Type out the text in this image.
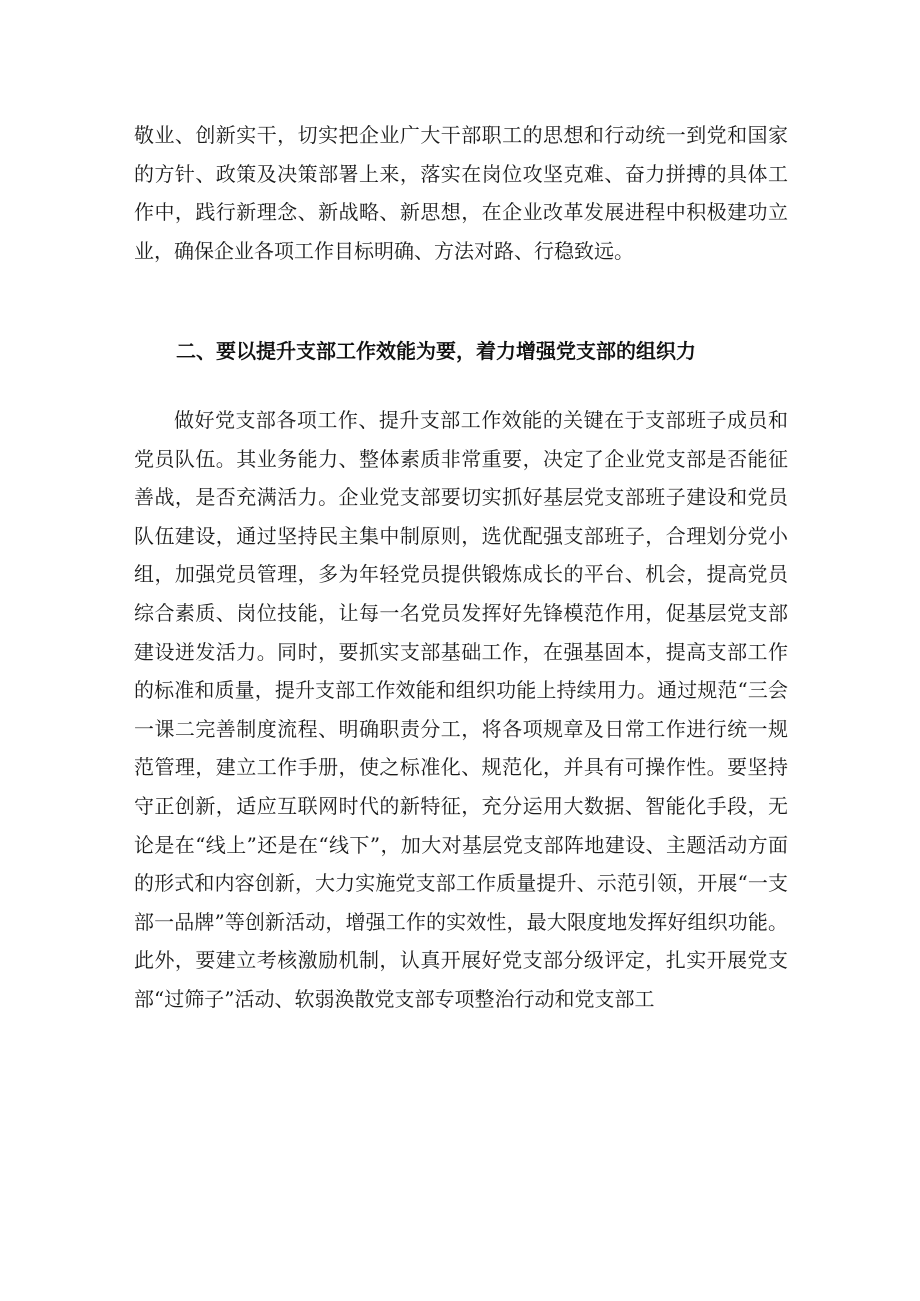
敬业、创新实干，切实把企业广大干部职工的思想和行动统一到党和国家的方针、政策及决策部署上来，落实在岗位攻坚克难、奋力拼搏的具体工作中，践行新理念、新战略、新思想，在企业改革发展进程中积极建功立业，确保企业各项工作目标明确、方法对路、行稳致远。
二、要以提升支部工作效能为要，着力增强党支部的组织力
做好党支部各项工作、提升支部工作效能的关键在于支部班子成员和党员队伍。其业务能力、整体素质非常重要，决定了企业党支部是否能征善战，是否充满活力。企业党支部要切实抓好基层党支部班子建设和党员队伍建设，通过坚持民主集中制原则，选优配强支部班子，合理划分党小组，加强党员管理，多为年轻党员提供锻炼成长的平台、机会，提高党员综合素质、岗位技能，让每一名党员发挥好先锋模范作用，促基层党支部建设迸发活力。同时，要抓实支部基础工作，在强基固本，提高支部工作的标准和质量，提升支部工作效能和组织功能上持续用力。通过规范“三会一课二完善制度流程、明确职责分工，将各项规章及日常工作进行统一规范管理，建立工作手册，使之标准化、规范化，并具有可操作性。要坚持守正创新，适应互联网时代的新特征，充分运用大数据、智能化手段，无论是在“线上”还是在“线下”，加大对基层党支部阵地建设、主题活动方面的形式和内容创新，大力实施党支部工作质量提升、示范引领，开展“一支部一品牌”等创新活动，增强工作的实效性，最大限度地发挥好组织功能。此外，要建立考核激励机制，认真开展好党支部分级评定，扎实开展党支部“过筛子”活动、软弱涣散党支部专项整治行动和党支部工
